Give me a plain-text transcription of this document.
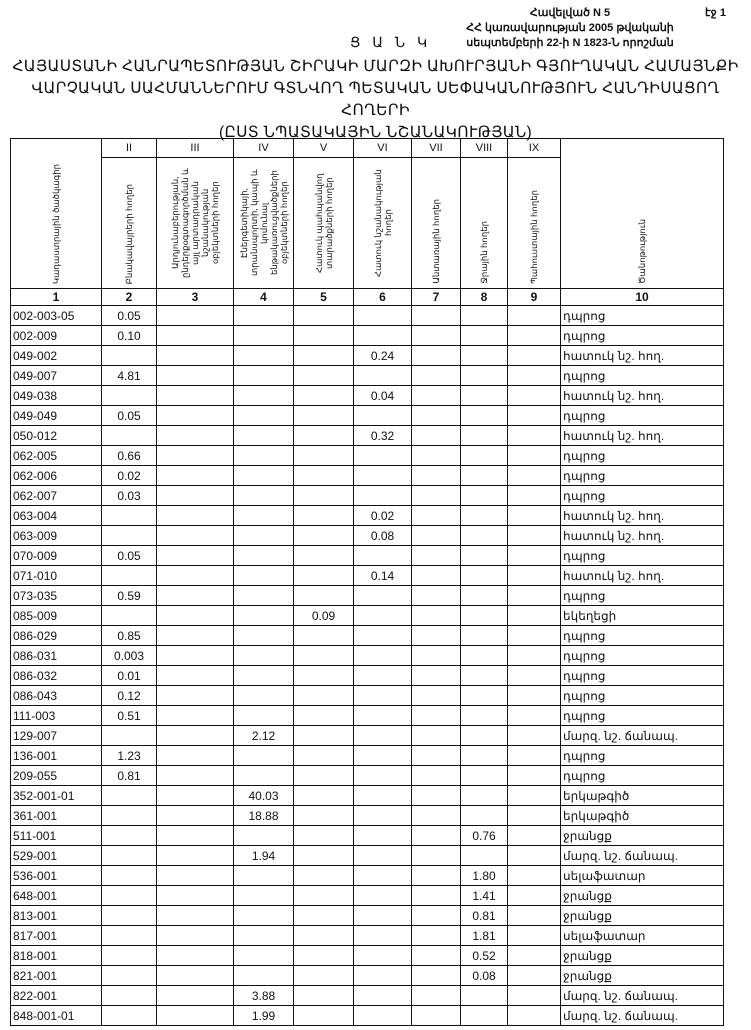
Հավելված N 5
ՀՀ կառավարության 2005 թվականի
սեպտեմբերի 22-ի N 1823-Ն որոշման
էջ 1
Ց Ա Ն Կ
ՀԱՅԱՍՏԱՆԻ ՀԱՆՐԱՊԵՏՈՒԹՅԱՆ ՇԻՐԱԿԻ ՄԱՐԶԻ ԱԽՈՒՐՅԱՆԻ ԳՅՈՒՂԱԿԱՆ ՀԱՄԱՅՆՔԻ
ՎԱՐՉԱԿԱՆ ՍԱՀՄԱՆՆԵՐՈՒՄ ԳՏՆՎՈՂ ՊԵՏԱԿԱՆ ՍԵՓԱԿԱՆՈՒԹՅՈՒՆ ՀԱՆԴԻՍԱՑՈՂ ՀՈՂԵՐԻ
(ԸՍՏ ՆՊԱՏԱԿԱՅԻՆ ՆՇԱՆԱԿՈՒԹՅԱՆ)
Կադաստրային ծածկագիր	II	III	IV	V	VI	VII	VIII	IX	Ծանոթություն

	Բնակավայրերի հողեր	Արդյունաբերության, ընդերքօգտագործման և այլ արտադրական նշանակության օբյեկտների հողեր	Էներգետիկայի, տրանսպորտի, կապի և կոմունալ ենթակառուցվածքների օբյեկտների հողեր	Հատուկ պահպանվող տարածքների հողեր	Հատուկ նշանակության հողեր	Անտառային հողեր	Ջրային հողեր	Պահուստային հողեր	

1	2	3	4	5	6	7	8	9	10
002-003-05	0.05								դպրոց
002-009	0.10								դպրոց
049-002					0.24				հատուկ նշ. հող.
049-007	4.81								դպրոց
049-038					0.04				հատուկ նշ. հող.
049-049	0.05								դպրոց
050-012					0.32				հատուկ նշ. հող.
062-005	0.66								դպրոց
062-006	0.02								դպրոց
062-007	0.03								դպրոց
063-004					0.02				հատուկ նշ. հող.
063-009					0.08				հատուկ նշ. հող.
070-009	0.05								դպրոց
071-010					0.14				հատուկ նշ. հող.
073-035	0.59								դպրոց
085-009				0.09					եկեղեցի
086-029	0.85								դպրոց
086-031	0.003								դպրոց
086-032	0.01								դպրոց
086-043	0.12								դպրոց
111-003	0.51								դպրոց
129-007			2.12						մարզ. նշ. ճանապ.
136-001	1.23								դպրոց
209-055	0.81								դպրոց
352-001-01			40.03						երկաթգիծ
361-001			18.88						երկաթգիծ
511-001							0.76		ջրանցք
529-001			1.94						մարզ. նշ. ճանապ.
536-001							1.80		սելաֆատար
648-001							1.41		ջրանցք
813-001							0.81		ջրանցք
817-001							1.81		սելաֆատար
818-001							0.52		ջրանցք
821-001							0.08		ջրանցք
822-001			3.88						մարզ. նշ. ճանապ.
848-001-01			1.99						մարզ. նշ. ճանապ.
